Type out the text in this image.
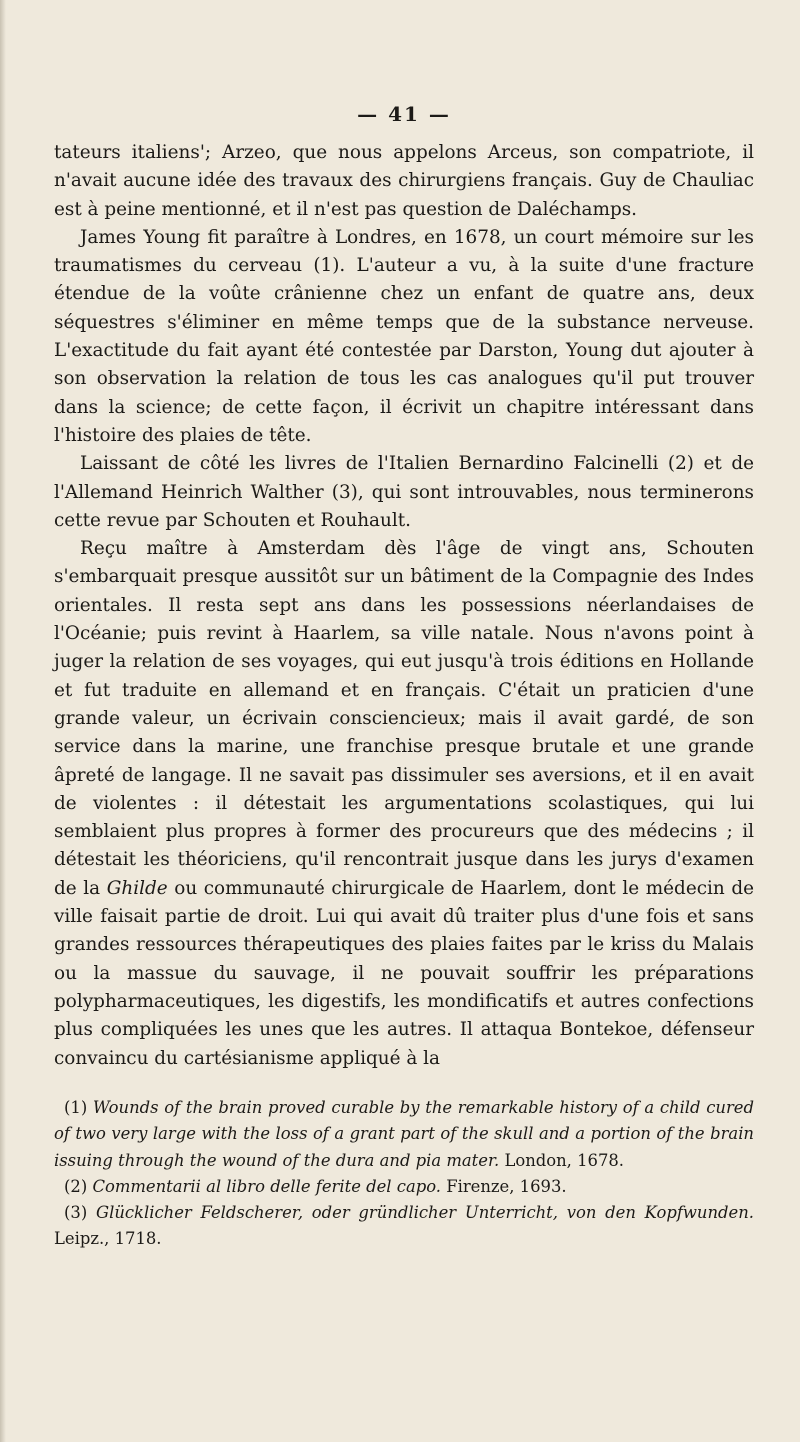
— 41 —

tateurs italiens'; Arzeo, que nous appelons Arceus, son compatriote, il n'avait aucune idée des travaux des chirurgiens français. Guy de Chauliac est à peine mentionné, et il n'est pas question de Daléchamps.

James Young fit paraître à Londres, en 1678, un court mémoire sur les traumatismes du cerveau (1). L'auteur a vu, à la suite d'une fracture étendue de la voûte crânienne chez un enfant de quatre ans, deux séquestres s'éliminer en même temps que de la substance nerveuse. L'exactitude du fait ayant été contestée par Darston, Young dut ajouter à son observation la relation de tous les cas analogues qu'il put trouver dans la science; de cette façon, il écrivit un chapitre intéressant dans l'histoire des plaies de tête.

Laissant de côté les livres de l'Italien Bernardino Falcinelli (2) et de l'Allemand Heinrich Walther (3), qui sont introuvables, nous terminerons cette revue par Schouten et Rouhault.

Reçu maître à Amsterdam dès l'âge de vingt ans, Schouten s'embarquait presque aussitôt sur un bâtiment de la Compagnie des Indes orientales. Il resta sept ans dans les possessions néerlandaises de l'Océanie; puis revint à Haarlem, sa ville natale. Nous n'avons point à juger la relation de ses voyages, qui eut jusqu'à trois éditions en Hollande et fut traduite en allemand et en français. C'était un praticien d'une grande valeur, un écrivain consciencieux; mais il avait gardé, de son service dans la marine, une franchise presque brutale et une grande âpreté de langage. Il ne savait pas dissimuler ses aversions, et il en avait de violentes : il détestait les argumentations scolastiques, qui lui semblaient plus propres à former des procureurs que des médecins ; il détestait les théoriciens, qu'il rencontrait jusque dans les jurys d'examen de la Ghilde ou communauté chirurgicale de Haarlem, dont le médecin de ville faisait partie de droit. Lui qui avait dû traiter plus d'une fois et sans grandes ressources thérapeutiques des plaies faites par le kriss du Malais ou la massue du sauvage, il ne pouvait souffrir les préparations polypharmaceutiques, les digestifs, les mondificatifs et autres confections plus compliquées les unes que les autres. Il attaqua Bontekoe, défenseur convaincu du cartésianisme appliqué à la

(1) Wounds of the brain proved curable by the remarkable history of a child cured of two very large with the loss of a grant part of the skull and a portion of the brain issuing through the wound of the dura and pia mater. London, 1678.

(2) Commentarii al libro delle ferite del capo. Firenze, 1693.

(3) Glücklicher Feldscherer, oder gründlicher Unterricht, von den Kopfwunden. Leipz., 1718.
